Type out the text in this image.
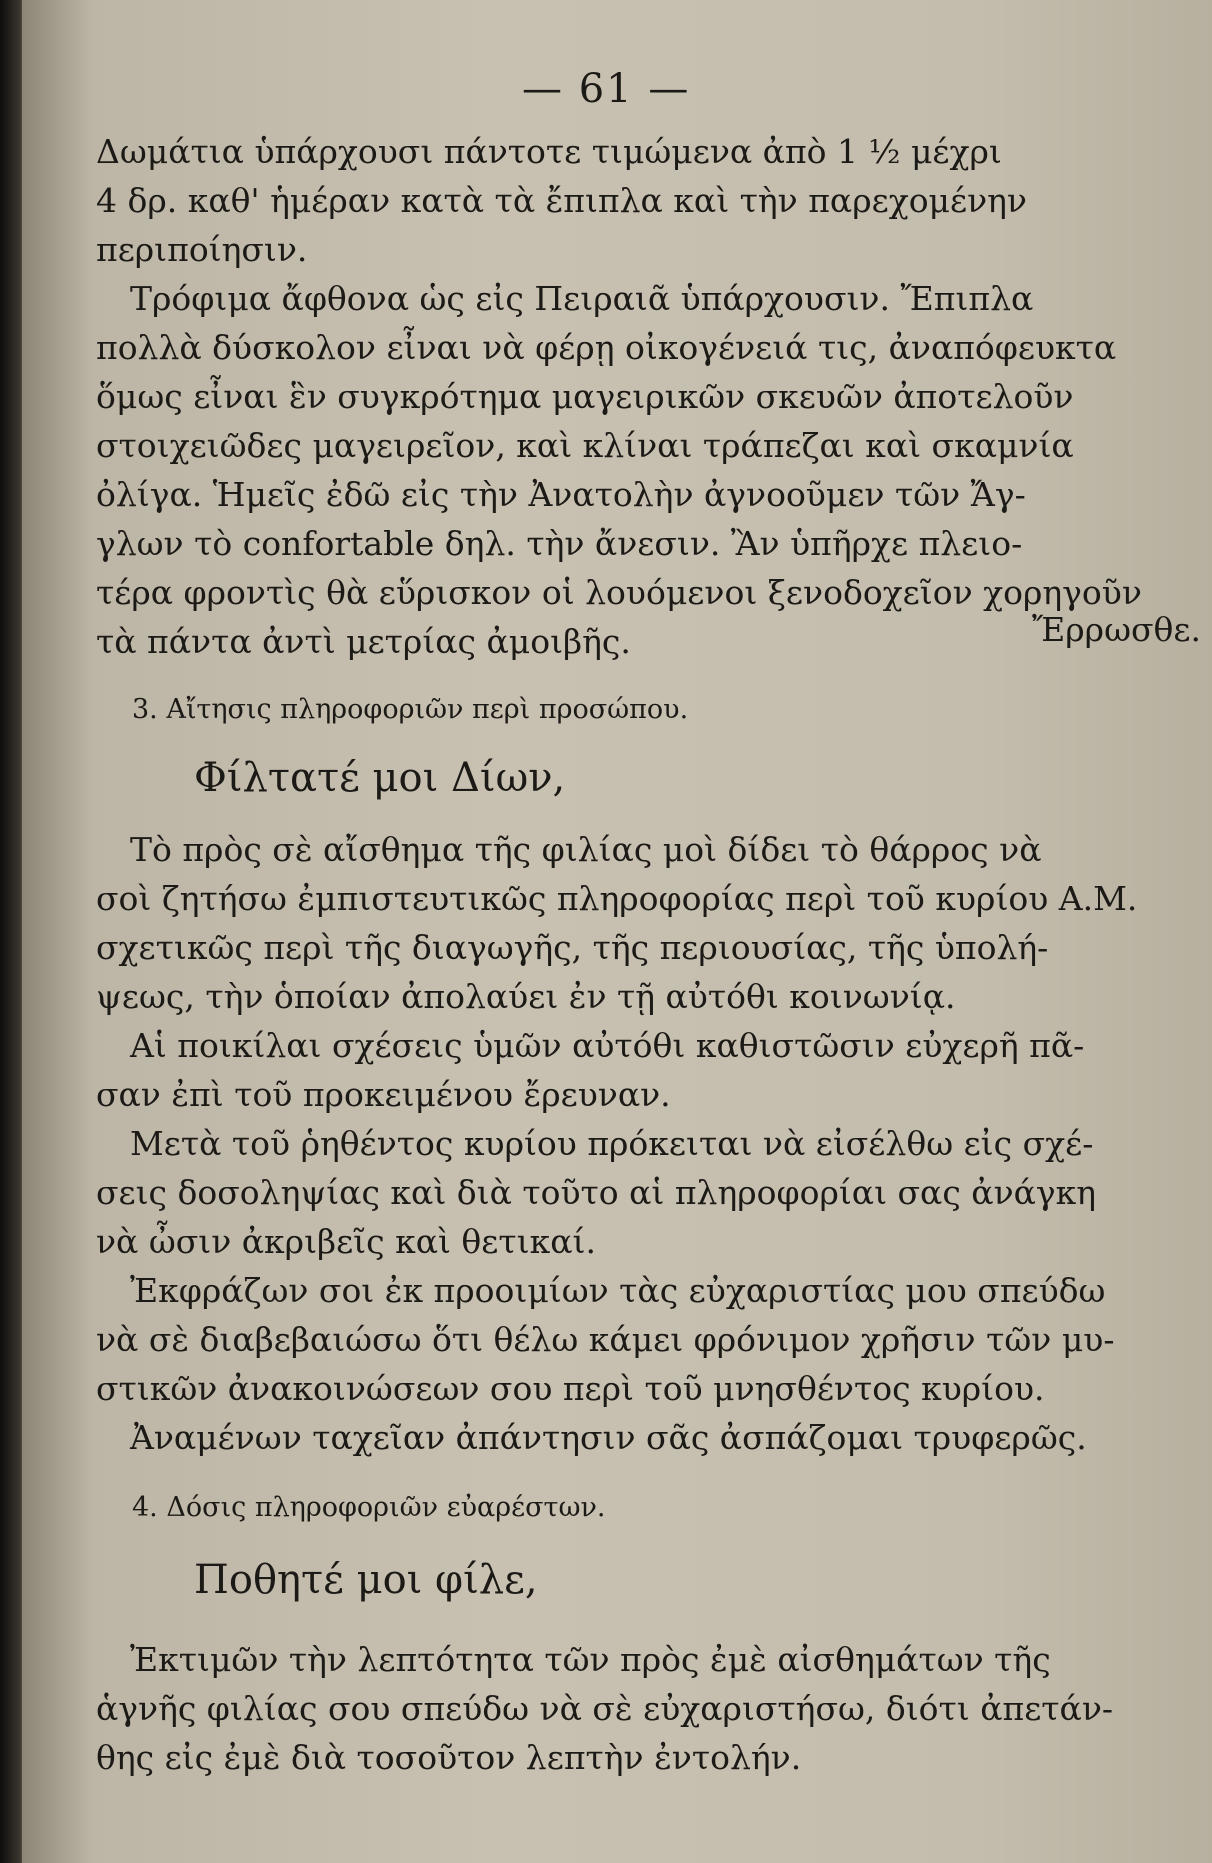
— 61 —
Δωμάτια ὑπάρχουσι πάντοτε τιμώμενα ἀπὸ 1 ½ μέχρι
4 δρ. καθ' ἡμέραν κατὰ τὰ ἔπιπλα καὶ τὴν παρεχομένην
περιποίησιν.
Τρόφιμα ἄφθονα ὡς εἰς Πειραιᾶ ὑπάρχουσιν. Ἔπιπλα
πολλὰ δύσκολον εἶναι νὰ φέρῃ οἰκογένειά τις, ἀναπόφευκτα
ὅμως εἶναι ἓν συγκρότημα μαγειρικῶν σκευῶν ἀποτελοῦν
στοιχειῶδες μαγειρεῖον, καὶ κλίναι τράπεζαι καὶ σκαμνία
ὀλίγα. Ἡμεῖς ἐδῶ εἰς τὴν Ἀνατολὴν ἀγνοοῦμεν τῶν Ἄγ-
γλων τὸ confortable δηλ. τὴν ἄνεσιν. Ἂν ὑπῆρχε πλειο-
τέρα φροντὶς θὰ εὕρισκον οἱ λουόμενοι ξενοδοχεῖον χορηγοῦν
τὰ πάντα ἀντὶ μετρίας ἀμοιβῆς.	Ἔρρωσθε.
3. Αἴτησις πληροφοριῶν περὶ προσώπου.
Φίλτατέ μοι Δίων,
Τὸ πρὸς σὲ αἴσθημα τῆς φιλίας μοὶ δίδει τὸ θάρρος νὰ
σοὶ ζητήσω ἐμπιστευτικῶς πληροφορίας περὶ τοῦ κυρίου Α.Μ.
σχετικῶς περὶ τῆς διαγωγῆς, τῆς περιουσίας, τῆς ὑπολή-
ψεως, τὴν ὁποίαν ἀπολαύει ἐν τῇ αὐτόθι κοινωνίᾳ.
Αἱ ποικίλαι σχέσεις ὑμῶν αὐτόθι καθιστῶσιν εὐχερῆ πᾶ-
σαν ἐπὶ τοῦ προκειμένου ἔρευναν.
Μετὰ τοῦ ῥηθέντος κυρίου πρόκειται νὰ εἰσέλθω εἰς σχέ-
σεις δοσοληψίας καὶ διὰ τοῦτο αἱ πληροφορίαι σας ἀνάγκη
νὰ ὦσιν ἀκριβεῖς καὶ θετικαί.
Ἐκφράζων σοι ἐκ προοιμίων τὰς εὐχαριστίας μου σπεύδω
νὰ σὲ διαβεβαιώσω ὅτι θέλω κάμει φρόνιμον χρῆσιν τῶν μυ-
στικῶν ἀνακοινώσεων σου περὶ τοῦ μνησθέντος κυρίου.
Ἀναμένων ταχεῖαν ἀπάντησιν σᾶς ἀσπάζομαι τρυφερῶς.
4. Δόσις πληροφοριῶν εὐαρέστων.
Ποθητέ μοι φίλε,
Ἐκτιμῶν τὴν λεπτότητα τῶν πρὸς ἐμὲ αἰσθημάτων τῆς
ἁγνῆς φιλίας σου σπεύδω νὰ σὲ εὐχαριστήσω, διότι ἀπετάν-
θης εἰς ἐμὲ διὰ τοσοῦτον λεπτὴν ἐντολήν.
